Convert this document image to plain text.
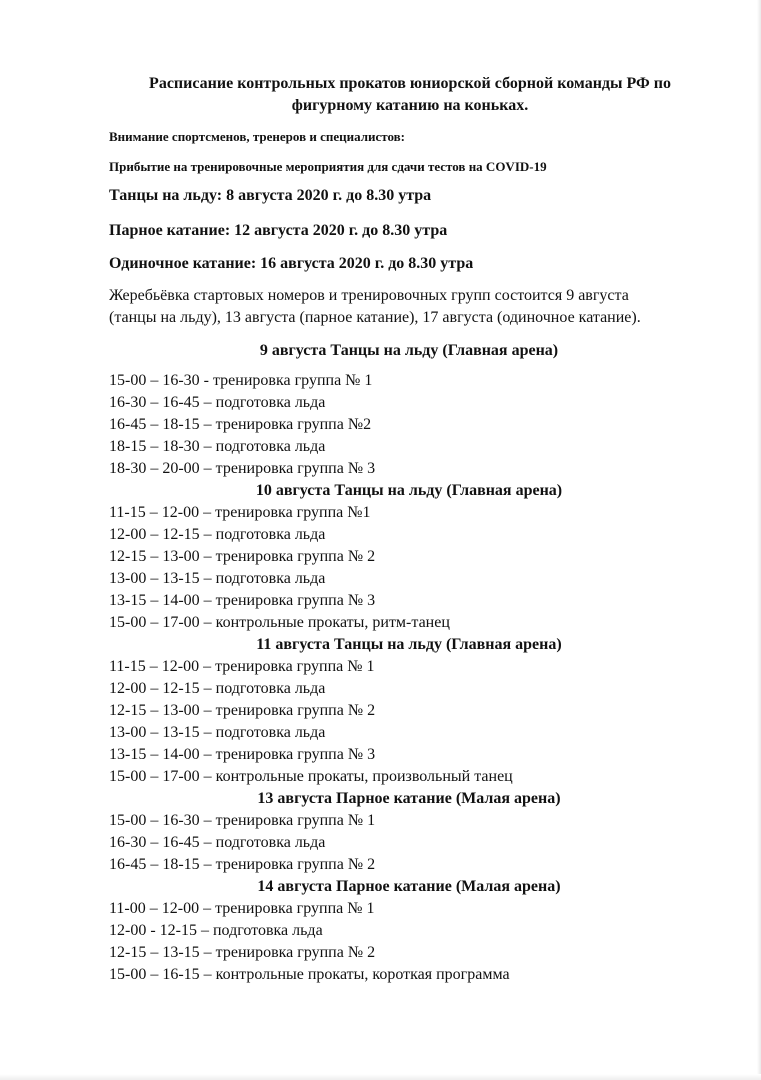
Расписание контрольных прокатов юниорской сборной команды РФ по
фигурному катанию на коньках.
Внимание спортсменов, тренеров и специалистов:
Прибытие на тренировочные мероприятия для сдачи тестов на COVID-19
Танцы на льду: 8 августа 2020 г. до 8.30 утра
Парное катание: 12 августа 2020 г. до 8.30 утра
Одиночное катание: 16 августа 2020 г. до 8.30 утра
Жеребьёвка стартовых номеров и тренировочных групп состоится 9 августа
(танцы на льду), 13 августа (парное катание), 17 августа (одиночное катание).
9 августа Танцы на льду (Главная арена)
15-00 – 16-30 - тренировка группа № 1
16-30 – 16-45 – подготовка льда
16-45 – 18-15 – тренировка группа №2
18-15 – 18-30 – подготовка льда
18-30 – 20-00 – тренировка группа № 3
10 августа Танцы на льду (Главная арена)
11-15 – 12-00 – тренировка группа №1
12-00 – 12-15 – подготовка льда
12-15 – 13-00 – тренировка группа № 2
13-00 – 13-15 – подготовка льда
13-15 – 14-00 – тренировка группа № 3
15-00 – 17-00 – контрольные прокаты, ритм-танец
11 августа Танцы на льду (Главная арена)
11-15 – 12-00 – тренировка группа № 1
12-00 – 12-15 – подготовка льда
12-15 – 13-00 – тренировка группа № 2
13-00 – 13-15 – подготовка льда
13-15 – 14-00 – тренировка группа № 3
15-00 – 17-00 – контрольные прокаты, произвольный танец
13 августа Парное катание (Малая арена)
15-00 – 16-30 – тренировка группа № 1
16-30 – 16-45 – подготовка льда
16-45 – 18-15 – тренировка группа № 2
14 августа Парное катание (Малая арена)
11-00 – 12-00 – тренировка группа № 1
12-00 - 12-15 – подготовка льда
12-15 – 13-15 – тренировка группа № 2
15-00 – 16-15 – контрольные прокаты, короткая программа
